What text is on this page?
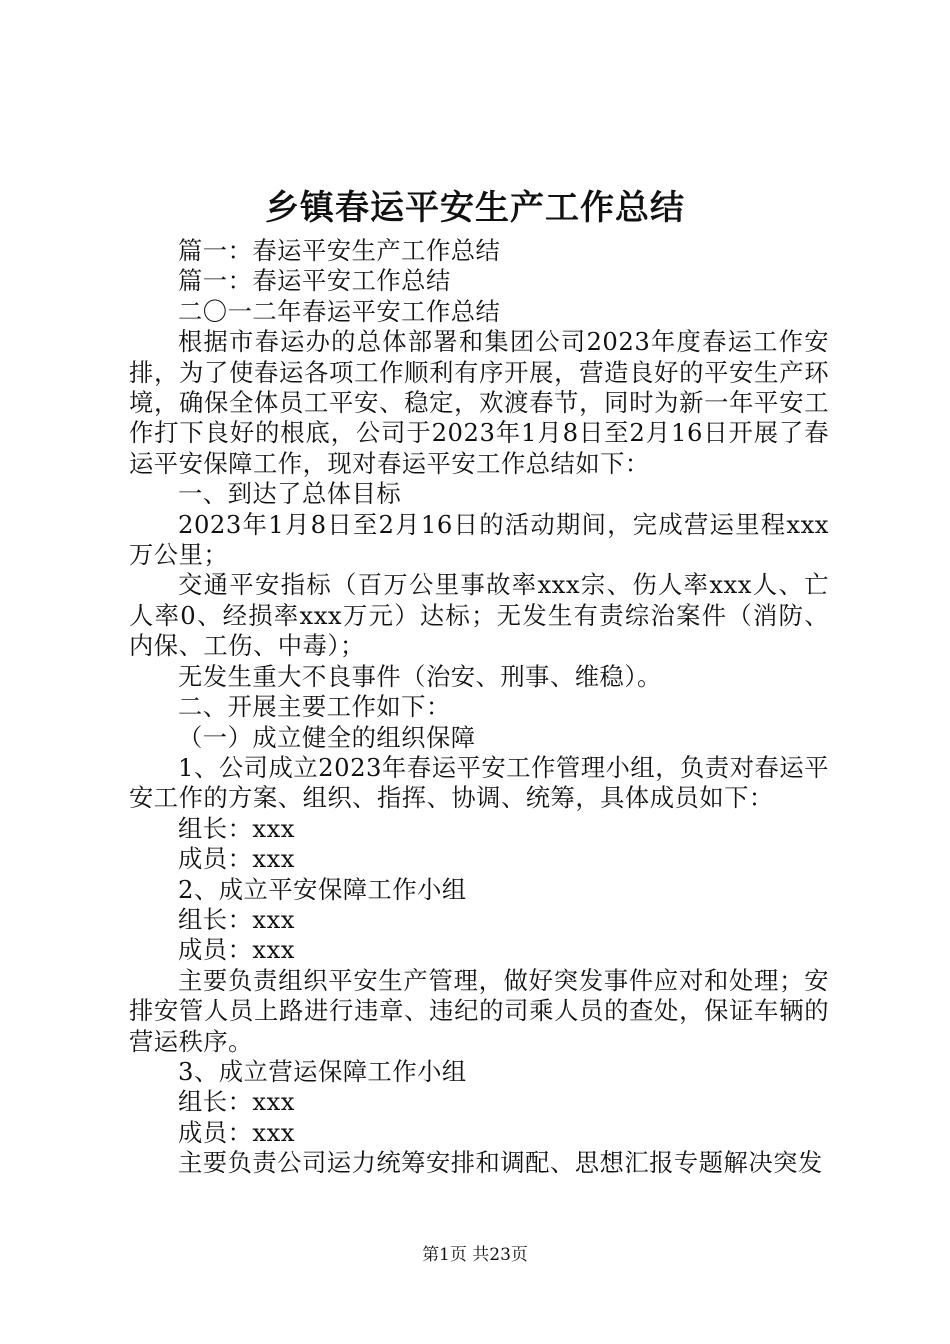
乡镇春运平安生产工作总结

篇一：春运平安生产工作总结

篇一：春运平安工作总结

二〇一二年春运平安工作总结

根据市春运办的总体部署和集团公司2023年度春运工作安排，为了使春运各项工作顺利有序开展，营造良好的平安生产环境，确保全体员工平安、稳定，欢渡春节，同时为新一年平安工作打下良好的根底，公司于2023年1月8日至2月16日开展了春运平安保障工作，现对春运平安工作总结如下：

一、到达了总体目标

2023年1月8日至2月16日的活动期间，完成营运里程xxx万公里；

交通平安指标（百万公里事故率xxx宗、伤人率xxx人、亡人率0、经损率xxx万元）达标；无发生有责综治案件（消防、内保、工伤、中毒）；

无发生重大不良事件（治安、刑事、维稳）。

二、开展主要工作如下：

（一）成立健全的组织保障

1、公司成立2023年春运平安工作管理小组，负责对春运平安工作的方案、组织、指挥、协调、统筹，具体成员如下：

组长：xxx

成员：xxx

2、成立平安保障工作小组

组长：xxx

成员：xxx

主要负责组织平安生产管理，做好突发事件应对和处理；安排安管人员上路进行违章、违纪的司乘人员的查处，保证车辆的营运秩序。

3、成立营运保障工作小组

组长：xxx

成员：xxx

主要负责公司运力统筹安排和调配、思想汇报专题解决突发

第1页 共23页
